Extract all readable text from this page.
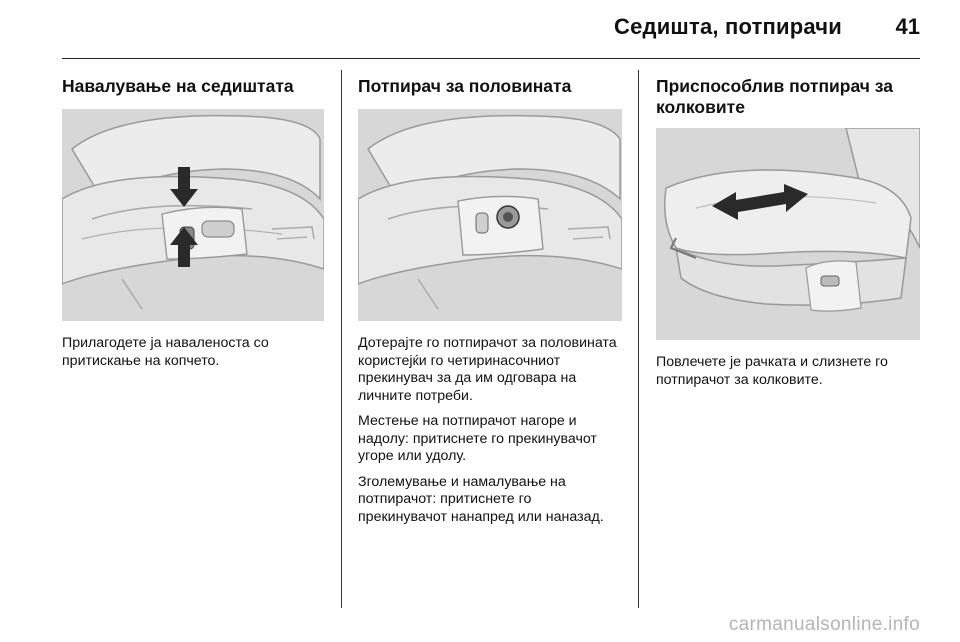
Седишта, потпирачи 41
Навалување на седиштата

Прилагодете ја наваленоста со притискање на копчето.

Потпирач за половината

Дотерајте го потпирачот за половината користејќи го четиринасочниот прекинувач за да им одговара на личните потреби.

Местење на потпирачот нагоре и надолу: притиснете го прекинувачот угоре или удолу.

Зголемување и намалување на потпирачот: притиснете го прекинувачот нанапред или наназад.

Приспособлив потпирач за колковите

Повлечете је рачката и слизнете го потпирачот за колковите.

carmanualsonline.info
